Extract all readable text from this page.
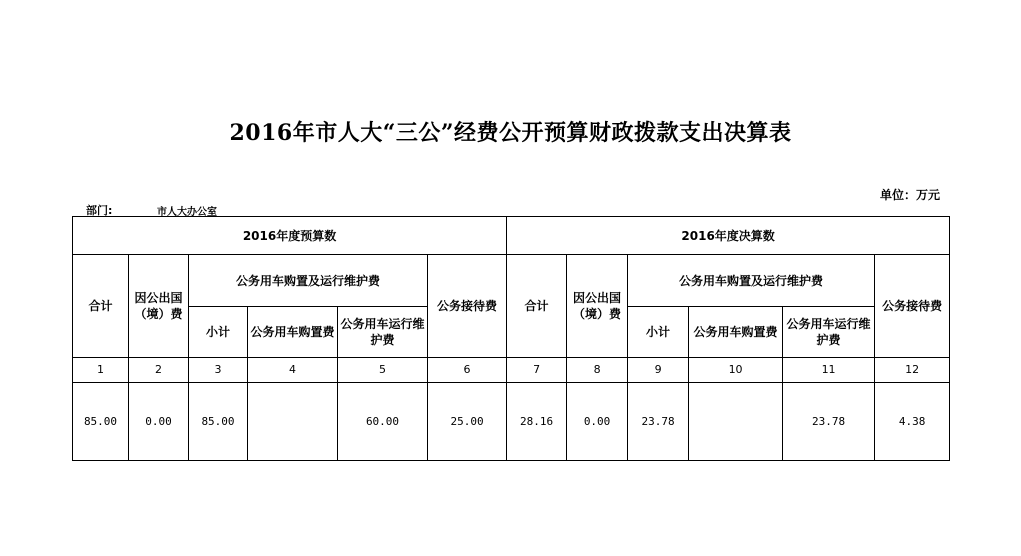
2016年市人大“三公”经费公开预算财政拨款支出决算表
单位：万元
部门:	市人大办公室
2016年度预算数						2016年度决算数					
合计	因公出国（境）费	公务用车购置及运行维护费			公务接待费	合计	因公出国（境）费	公务用车购置及运行维护费			公务接待费
		小计	公务用车购置费	公务用车运行维护费				小计	公务用车购置费	公务用车运行维护费	
1	2	3	4	5	6	7	8	9	10	11	12
85.00	0.00	85.00		60.00	25.00	28.16	0.00	23.78		23.78	4.38
